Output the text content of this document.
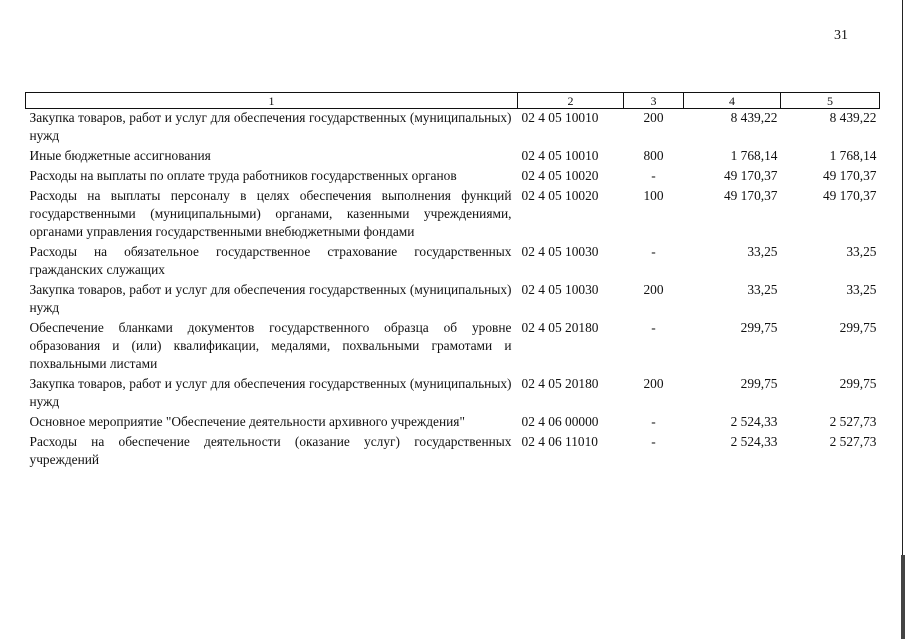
31
1	2	3	4	5
Закупка товаров, работ и услуг для обеспечения государственных (муниципальных) нужд	02 4 05 10010	200	8 439,22	8 439,22
Иные бюджетные ассигнования	02 4 05 10010	800	1 768,14	1 768,14
Расходы на выплаты по оплате труда работников государственных органов	02 4 05 10020	-	49 170,37	49 170,37
Расходы на выплаты персоналу в целях обеспечения выполнения функций государственными (муниципальными) органами, казенными учреждениями, органами управления государственными внебюджетными фондами	02 4 05 10020	100	49 170,37	49 170,37
Расходы на обязательное государственное страхование государственных гражданских служащих	02 4 05 10030	-	33,25	33,25
Закупка товаров, работ и услуг для обеспечения государственных (муниципальных) нужд	02 4 05 10030	200	33,25	33,25
Обеспечение бланками документов государственного образца об уровне образования и (или) квалификации, медалями, похвальными грамотами и похвальными листами	02 4 05 20180	-	299,75	299,75
Закупка товаров, работ и услуг для обеспечения государственных (муниципальных) нужд	02 4 05 20180	200	299,75	299,75
Основное мероприятие "Обеспечение деятельности архивного учреждения"	02 4 06 00000	-	2 524,33	2 527,73
Расходы на обеспечение деятельности (оказание услуг) государственных учреждений	02 4 06 11010	-	2 524,33	2 527,73
